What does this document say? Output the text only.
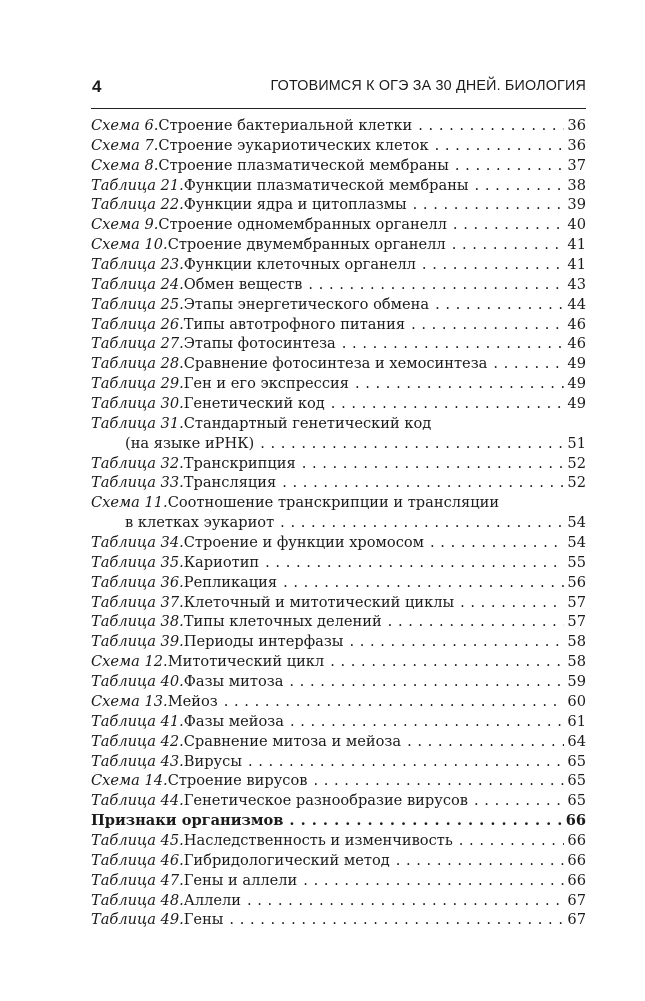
4	ГОТОВИМСЯ К ОГЭ ЗА 30 ДНЕЙ. БИОЛОГИЯ
Схема 6. Строение бактериальной клетки . . .	36
Схема 7. Строение эукариотических клеток . . .	36
Схема 8. Строение плазматической мембраны . . .	37
Таблица 21. Функции плазматической мембраны . . .	38
Таблица 22. Функции ядра и цитоплазмы . . .	39
Схема 9. Строение одномембранных органелл . . .	40
Схема 10. Строение двумембранных органелл . . .	41
Таблица 23. Функции клеточных органелл . . .	41
Таблица 24. Обмен веществ . . .	43
Таблица 25. Этапы энергетического обмена . . .	44
Таблица 26. Типы автотрофного питания . . .	46
Таблица 27. Этапы фотосинтеза . . .	46
Таблица 28. Сравнение фотосинтеза и хемосинтеза . . .	49
Таблица 29. Ген и его экспрессия . . .	49
Таблица 30. Генетический код . . .	49
Таблица 31. Стандартный генетический код
(на языке иРНК) . . .	51
Таблица 32. Транскрипция . . .	52
Таблица 33. Трансляция . . .	52
Схема 11. Соотношение транскрипции и трансляции
в клетках эукариот . . .	54
Таблица 34. Строение и функции хромосом . . .	54
Таблица 35. Кариотип . . .	55
Таблица 36. Репликация . . .	56
Таблица 37. Клеточный и митотический циклы . . .	57
Таблица 38. Типы клеточных делений . . .	57
Таблица 39. Периоды интерфазы . . .	58
Схема 12. Митотический цикл . . .	58
Таблица 40. Фазы митоза . . .	59
Схема 13. Мейоз . . .	60
Таблица 41. Фазы мейоза . . .	61
Таблица 42. Сравнение митоза и мейоза . . .	64
Таблица 43. Вирусы . . .	65
Схема 14. Строение вирусов . . .	65
Таблица 44. Генетическое разнообразие вирусов . . .	65
Признаки организмов . . .	66
Таблица 45. Наследственность и изменчивость . . .	66
Таблица 46. Гибридологический метод . . .	66
Таблица 47. Гены и аллели . . .	66
Таблица 48. Аллели . . .	67
Таблица 49. Гены . . .	67
